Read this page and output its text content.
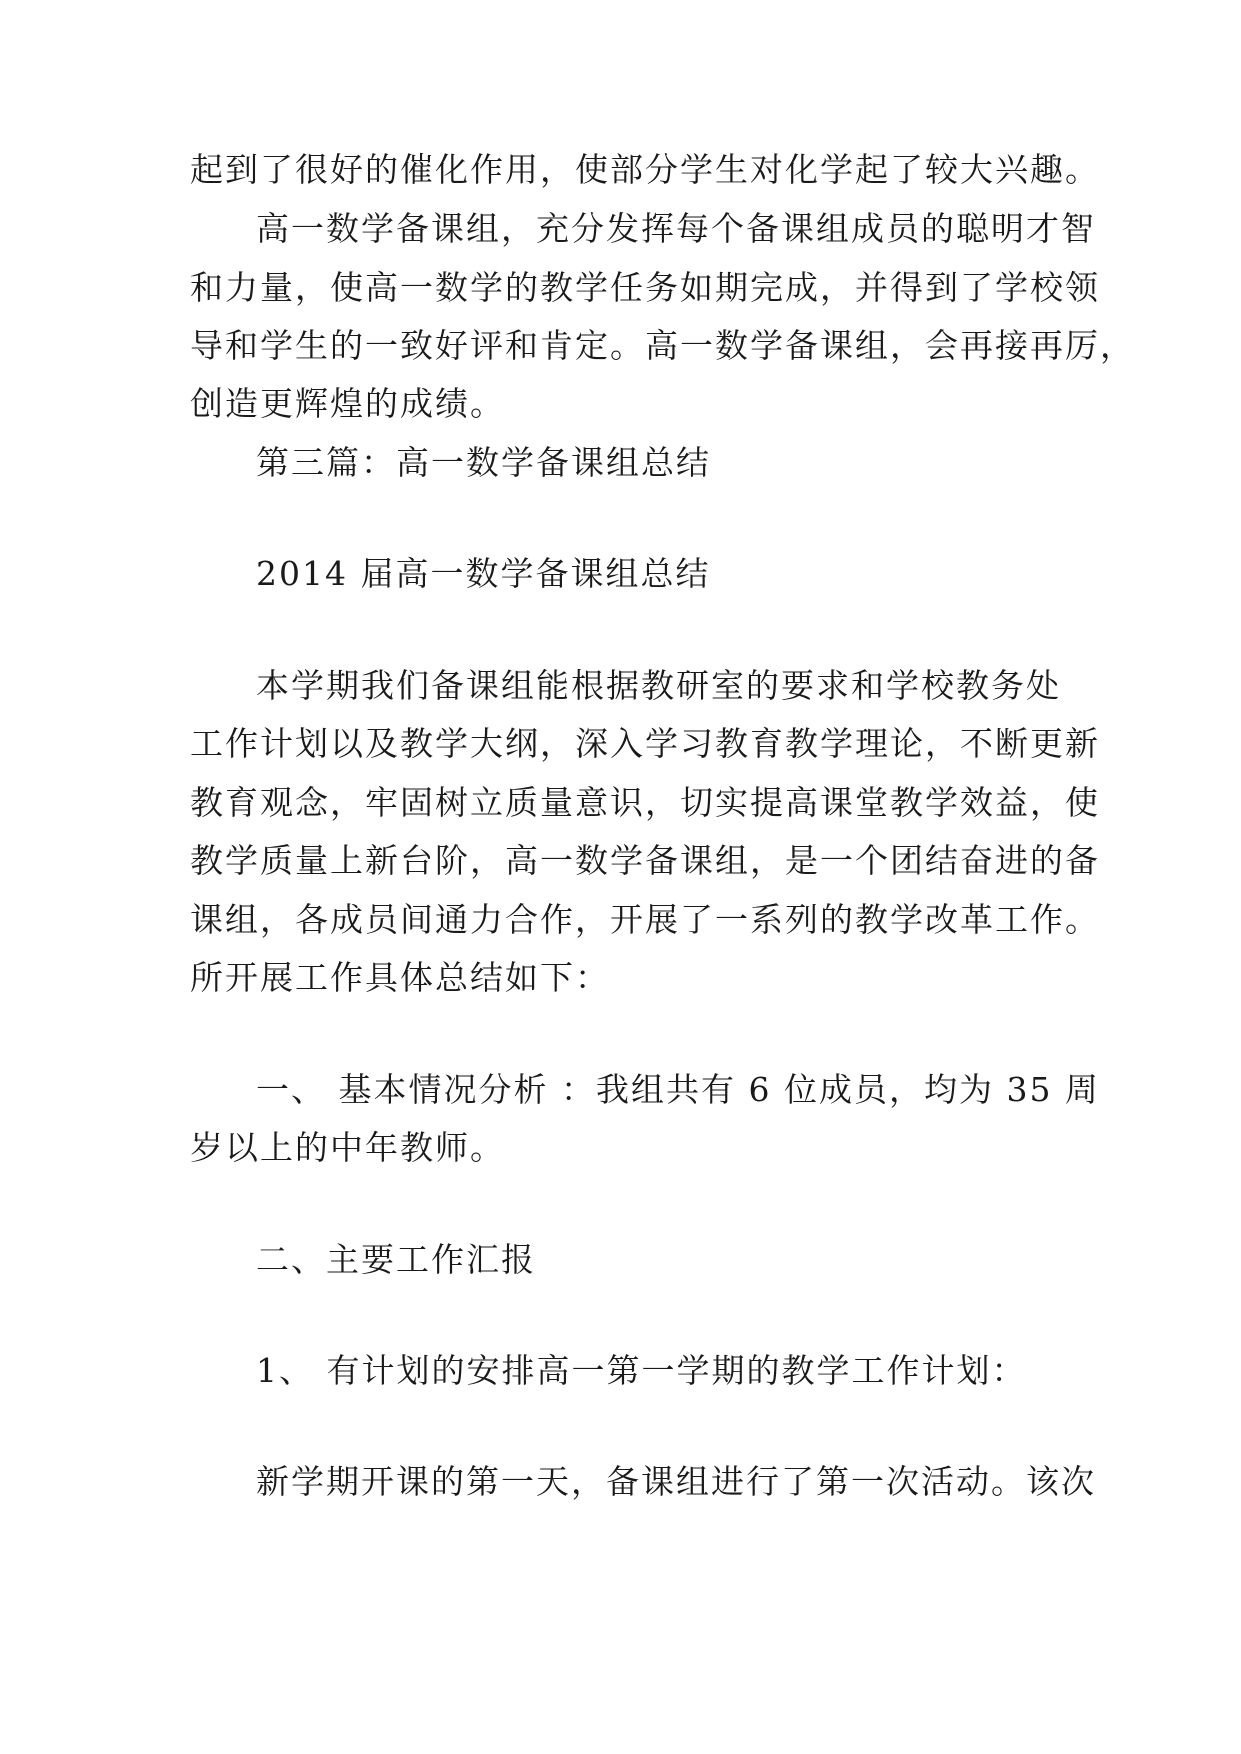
起到了很好的催化作用，使部分学生对化学起了较大兴趣。
高一数学备课组，充分发挥每个备课组成员的聪明才智
和力量，使高一数学的教学任务如期完成，并得到了学校领
导和学生的一致好评和肯定。高一数学备课组，会再接再厉，
创造更辉煌的成绩。
第三篇：高一数学备课组总结
2014 届高一数学备课组总结
本学期我们备课组能根据教研室的要求和学校教务处
工作计划以及教学大纲，深入学习教育教学理论，不断更新
教育观念，牢固树立质量意识，切实提高课堂教学效益，使
教学质量上新台阶，高一数学备课组，是一个团结奋进的备
课组，各成员间通力合作，开展了一系列的教学改革工作。
所开展工作具体总结如下：
一、 基本情况分析 ：我组共有 6 位成员，均为 35 周
岁以上的中年教师。
二、主要工作汇报
1、 有计划的安排高一第一学期的教学工作计划：
新学期开课的第一天，备课组进行了第一次活动。该次
